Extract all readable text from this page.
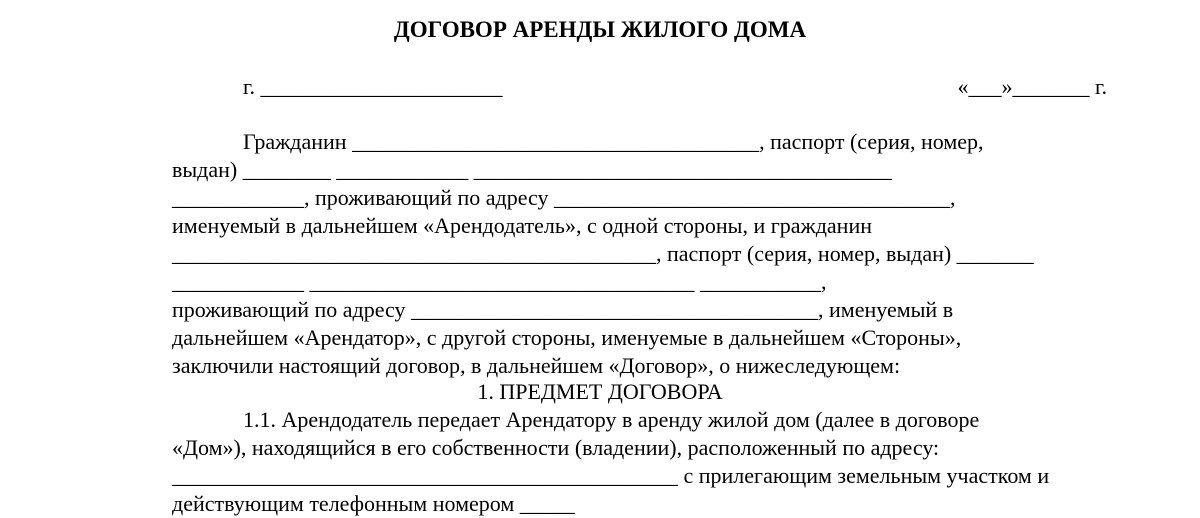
ДОГОВОР АРЕНДЫ ЖИЛОГО ДОМА
г. ______________________	«___»_______ г.
Гражданин _____________________________________, паспорт (серия, номер,
выдан) ________ ____________ ______________________________________
____________, проживающий по адресу ____________________________________,
именуемый в дальнейшем «Арендодатель», с одной стороны, и гражданин
____________________________________________, паспорт (серия, номер, выдан) _______
____________ ___________________________________ ___________,
проживающий по адресу _____________________________________, именуемый в
дальнейшем «Арендатор», с другой стороны, именуемые в дальнейшем «Стороны»,
заключили настоящий договор, в дальнейшем «Договор», о нижеследующем:
1. ПРЕДМЕТ ДОГОВОРА
1.1. Арендодатель передает Арендатору в аренду жилой дом (далее в договоре
«Дом»), находящийся в его собственности (владении), расположенный по адресу:
______________________________________________ с прилегающим земельным участком и
действующим телефонным номером _____
